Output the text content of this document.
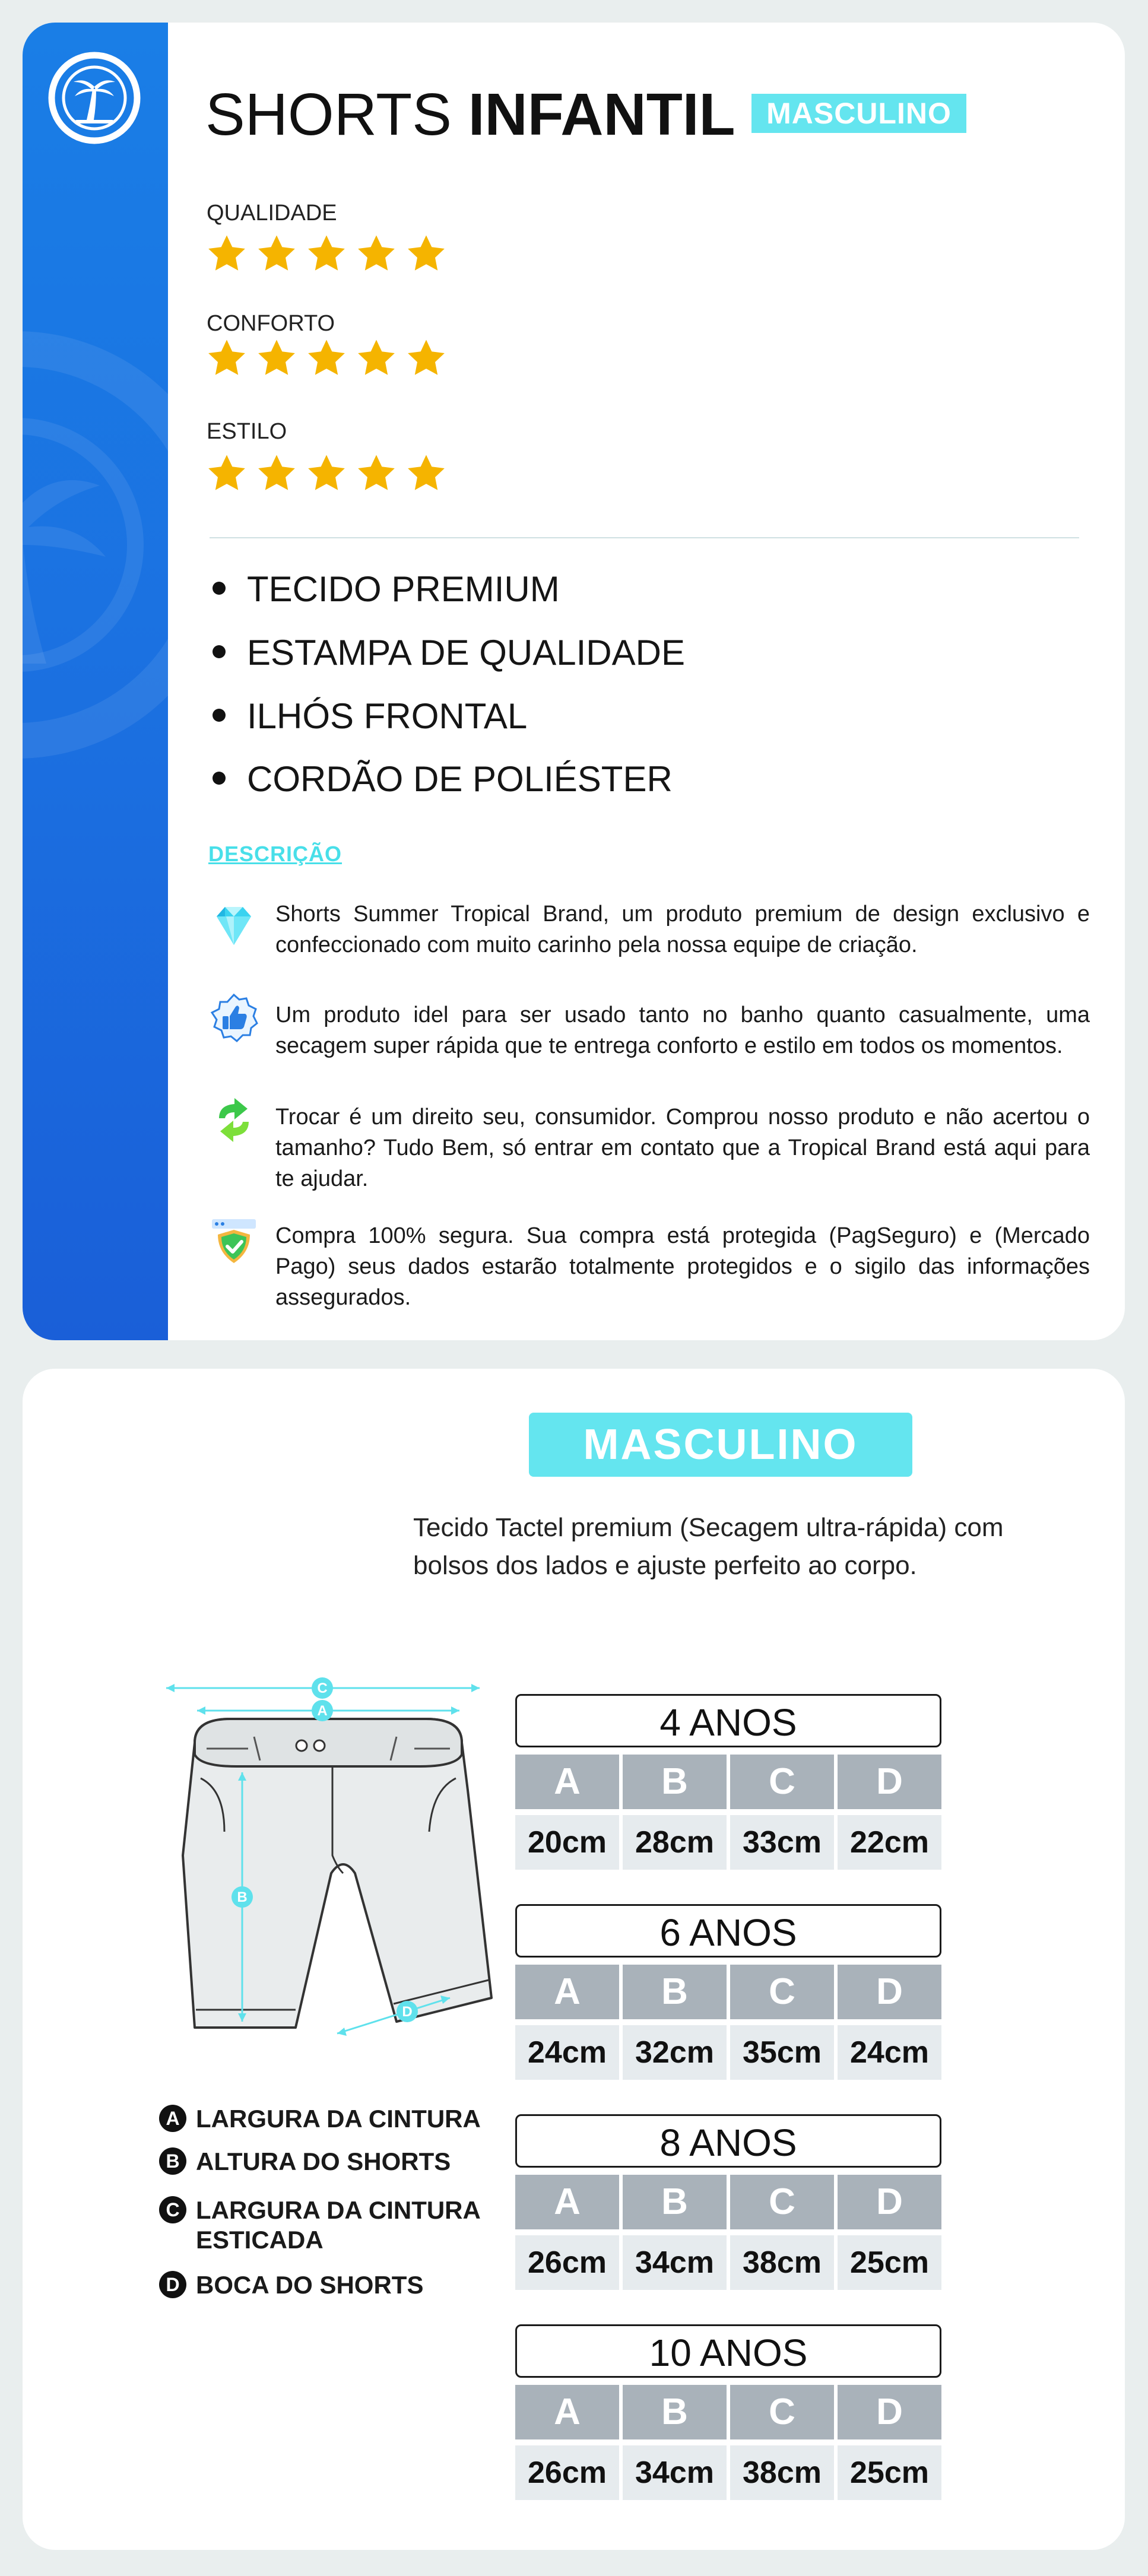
SHORTS INFANTIL	MASCULINO
QUALIDADE
CONFORTO
ESTILO
TECIDO PREMIUM
ESTAMPA DE QUALIDADE
ILHÓS FRONTAL
CORDÃO DE POLIÉSTER
DESCRIÇÃO
Shorts Summer Tropical Brand, um produto premium de design exclusivo e confeccionado com muito carinho pela nossa equipe de criação.
Um produto idel para ser usado tanto no banho quanto casualmente, uma secagem super rápida que te entrega conforto e estilo em todos os momentos.
Trocar é um direito seu, consumidor. Comprou nosso produto e não acertou o tamanho? Tudo Bem, só entrar em contato que a Tropical Brand está aqui para te ajudar.
Compra 100% segura. Sua compra está protegida (PagSeguro) e (Mercado Pago) seus dados estarão totalmente protegidos e o sigilo das informações assegurados.
MASCULINO
Tecido Tactel premium (Secagem ultra-rápida) com bolsos dos lados e ajuste perfeito ao corpo.
C
A
B
D
A LARGURA DA CINTURA
B ALTURA DO SHORTS
C LARGURA DA CINTURA ESTICADA
D BOCA DO SHORTS
4 ANOS
A	B	C	D
20cm 28cm 33cm 22cm
6 ANOS
A	B	C	D
24cm 32cm 35cm 24cm
8 ANOS
A	B	C	D
26cm 34cm 38cm 25cm
10 ANOS
A	B	C	D
26cm 34cm 38cm 25cm
